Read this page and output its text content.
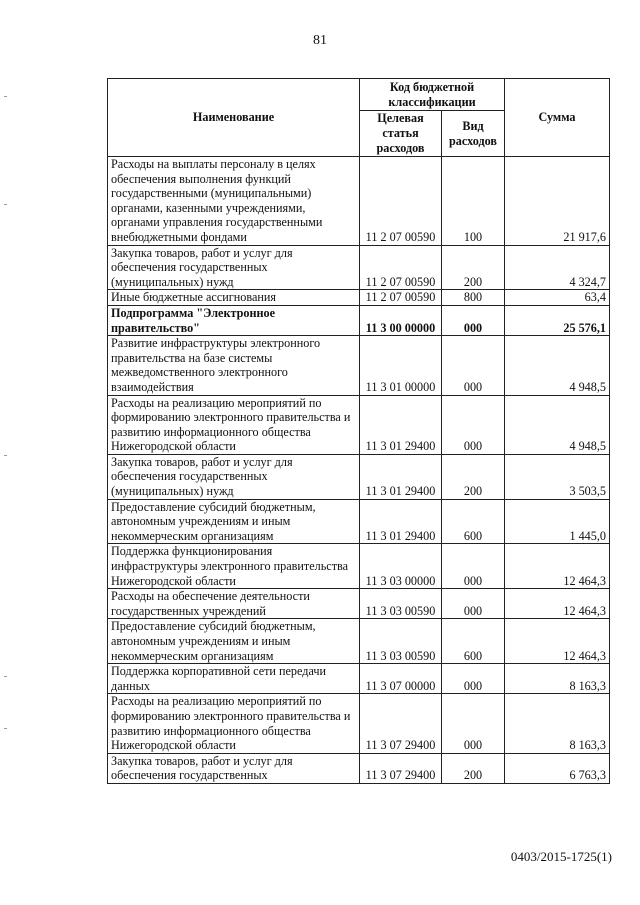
81
Наименование	Код бюджетной классификации		Сумма
	Целевая статья расходов	Вид расходов	
Расходы на выплаты персоналу в целях обеспечения выполнения функций государственными (муниципальными) органами, казенными учреждениями, органами управления государственными внебюджетными фондами	11 2 07 00590	100	21 917,6
Закупка товаров, работ и услуг для обеспечения государственных (муниципальных) нужд	11 2 07 00590	200	4 324,7
Иные бюджетные ассигнования	11 2 07 00590	800	63,4
Подпрограмма "Электронное правительство"	11 3 00 00000	000	25 576,1
Развитие инфраструктуры электронного правительства на базе системы межведомственного электронного взаимодействия	11 3 01 00000	000	4 948,5
Расходы на реализацию мероприятий по формированию электронного правительства и развитию информационного общества Нижегородской области	11 3 01 29400	000	4 948,5
Закупка товаров, работ и услуг для обеспечения государственных (муниципальных) нужд	11 3 01 29400	200	3 503,5
Предоставление субсидий бюджетным, автономным учреждениям и иным некоммерческим организациям	11 3 01 29400	600	1 445,0
Поддержка функционирования инфраструктуры электронного правительства Нижегородской области	11 3 03 00000	000	12 464,3
Расходы на обеспечение деятельности государственных учреждений	11 3 03 00590	000	12 464,3
Предоставление субсидий бюджетным, автономным учреждениям и иным некоммерческим организациям	11 3 03 00590	600	12 464,3
Поддержка корпоративной сети передачи данных	11 3 07 00000	000	8 163,3
Расходы на реализацию мероприятий по формированию электронного правительства и развитию информационного общества Нижегородской области	11 3 07 29400	000	8 163,3
Закупка товаров, работ и услуг для обеспечения государственных	11 3 07 29400	200	6 763,3
0403/2015-1725(1)
